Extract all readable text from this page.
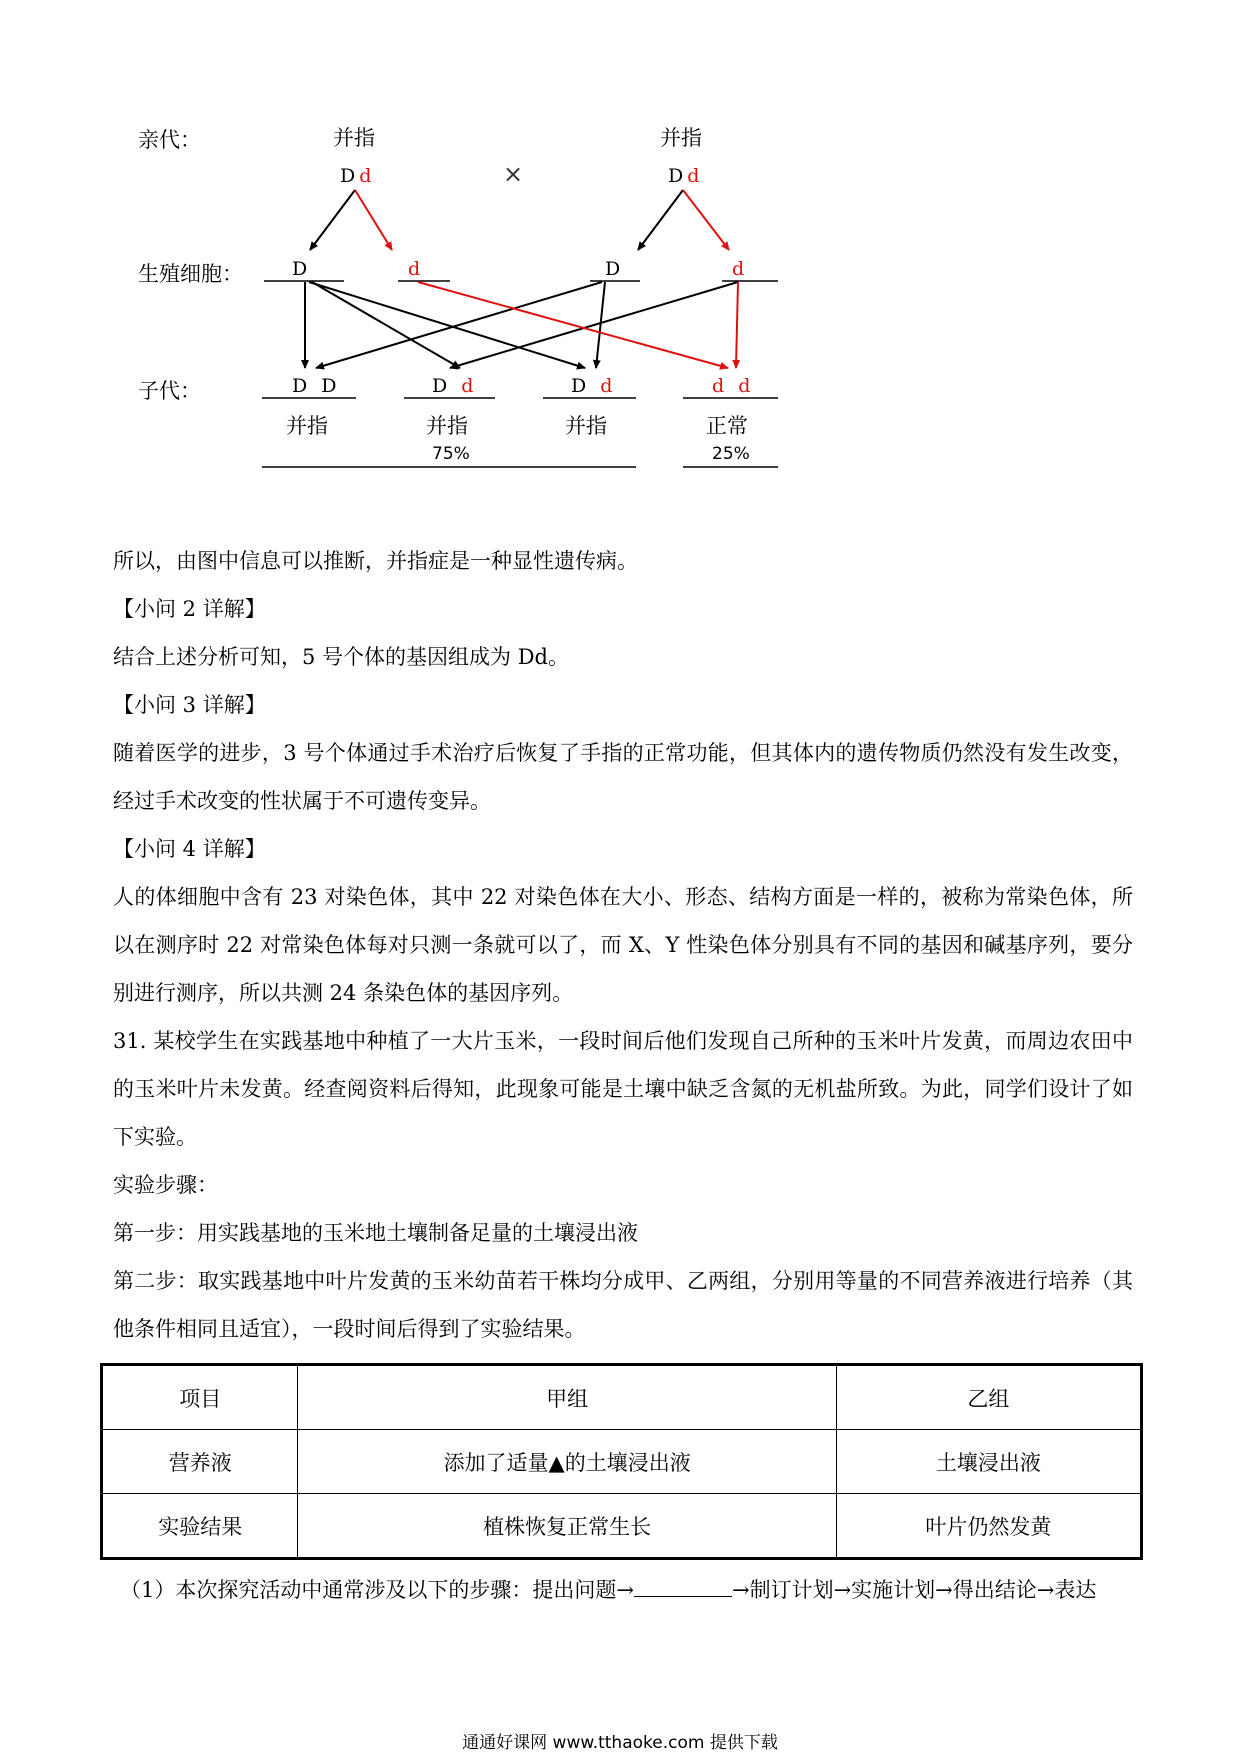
亲代：
生殖细胞：
子代：
并指
Dd	×
并指
Dd
D	d	D	d
D D	D d	D d	d d
并指	并指	并指	正常
75%	25%

所以，由图中信息可以推断，并指症是一种显性遗传病。

【小问 2 详解】

结合上述分析可知，5 号个体的基因组成为 Dd。

【小问 3 详解】

随着医学的进步，3 号个体通过手术治疗后恢复了手指的正常功能，但其体内的遗传物质仍然没有发生改变，经过手术改变的性状属于不可遗传变异。

【小问 4 详解】

人的体细胞中含有 23 对染色体，其中 22 对染色体在大小、形态、结构方面是一样的，被称为常染色体，所以在测序时 22 对常染色体每对只测一条就可以了，而 X、Y 性染色体分别具有不同的基因和碱基序列，要分别进行测序，所以共测 24 条染色体的基因序列。

31. 某校学生在实践基地中种植了一大片玉米，一段时间后他们发现自己所种的玉米叶片发黄，而周边农田中的玉米叶片未发黄。经查阅资料后得知，此现象可能是土壤中缺乏含氮的无机盐所致。为此，同学们设计了如下实验。

实验步骤：

第一步：用实践基地的玉米地土壤制备足量的土壤浸出液

第二步：取实践基地中叶片发黄的玉米幼苗若干株均分成甲、乙两组，分别用等量的不同营养液进行培养（其他条件相同且适宜），一段时间后得到了实验结果。

项目	甲组	乙组
营养液	添加了适量▲的土壤浸出液	土壤浸出液
实验结果	植株恢复正常生长	叶片仍然发黄
（1）本次探究活动中通常涉及以下的步骤：提出问题→	→制订计划→实施计划→得出结论→表达
通通好课网 www.tthaoke.com 提供下载
